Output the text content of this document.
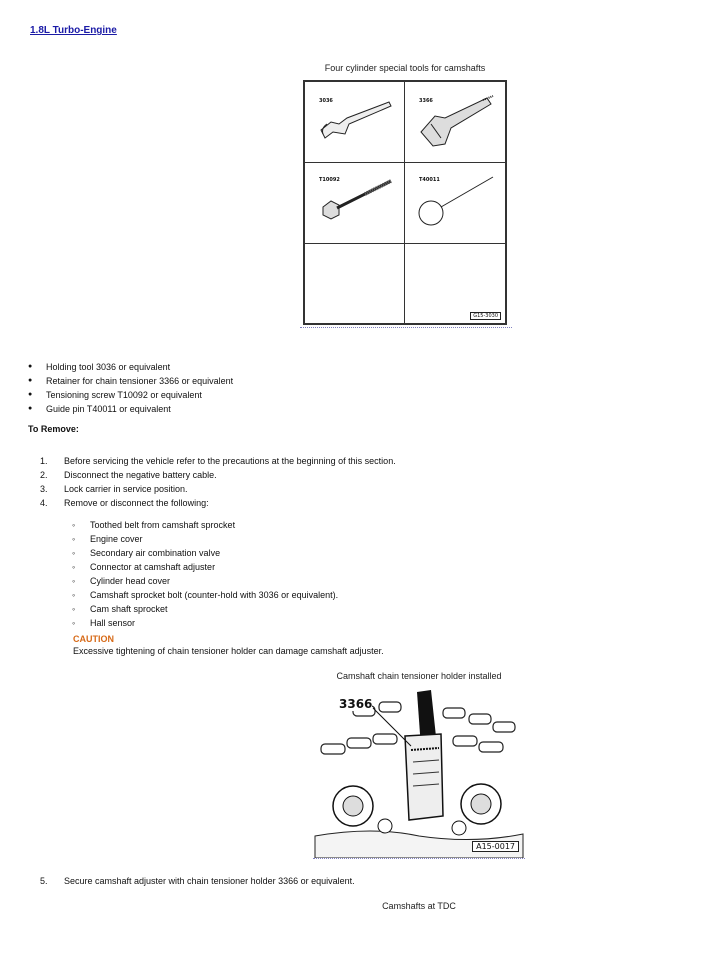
1.8L Turbo-Engine
Four cylinder special tools for camshafts
3036	3366
T10092	T40011
G15-3030
● Holding tool 3036 or equivalent
● Retainer for chain tensioner 3366 or equivalent
● Tensioning screw T10092 or equivalent
● Guide pin T40011 or equivalent
To Remove:
1. Before servicing the vehicle refer to the precautions at the beginning of this section.
2. Disconnect the negative battery cable.
3. Lock carrier in service position.
4. Remove or disconnect the following:
◦ Toothed belt from camshaft sprocket
◦ Engine cover
◦ Secondary air combination valve
◦ Connector at camshaft adjuster
◦ Cylinder head cover
◦ Camshaft sprocket bolt (counter-hold with 3036 or equivalent).
◦ Cam shaft sprocket
◦ Hall sensor
CAUTION
Excessive tightening of chain tensioner holder can damage camshaft adjuster.
Camshaft chain tensioner holder installed
3366
A15-0017
5. Secure camshaft adjuster with chain tensioner holder 3366 or equivalent.
Camshafts at TDC
